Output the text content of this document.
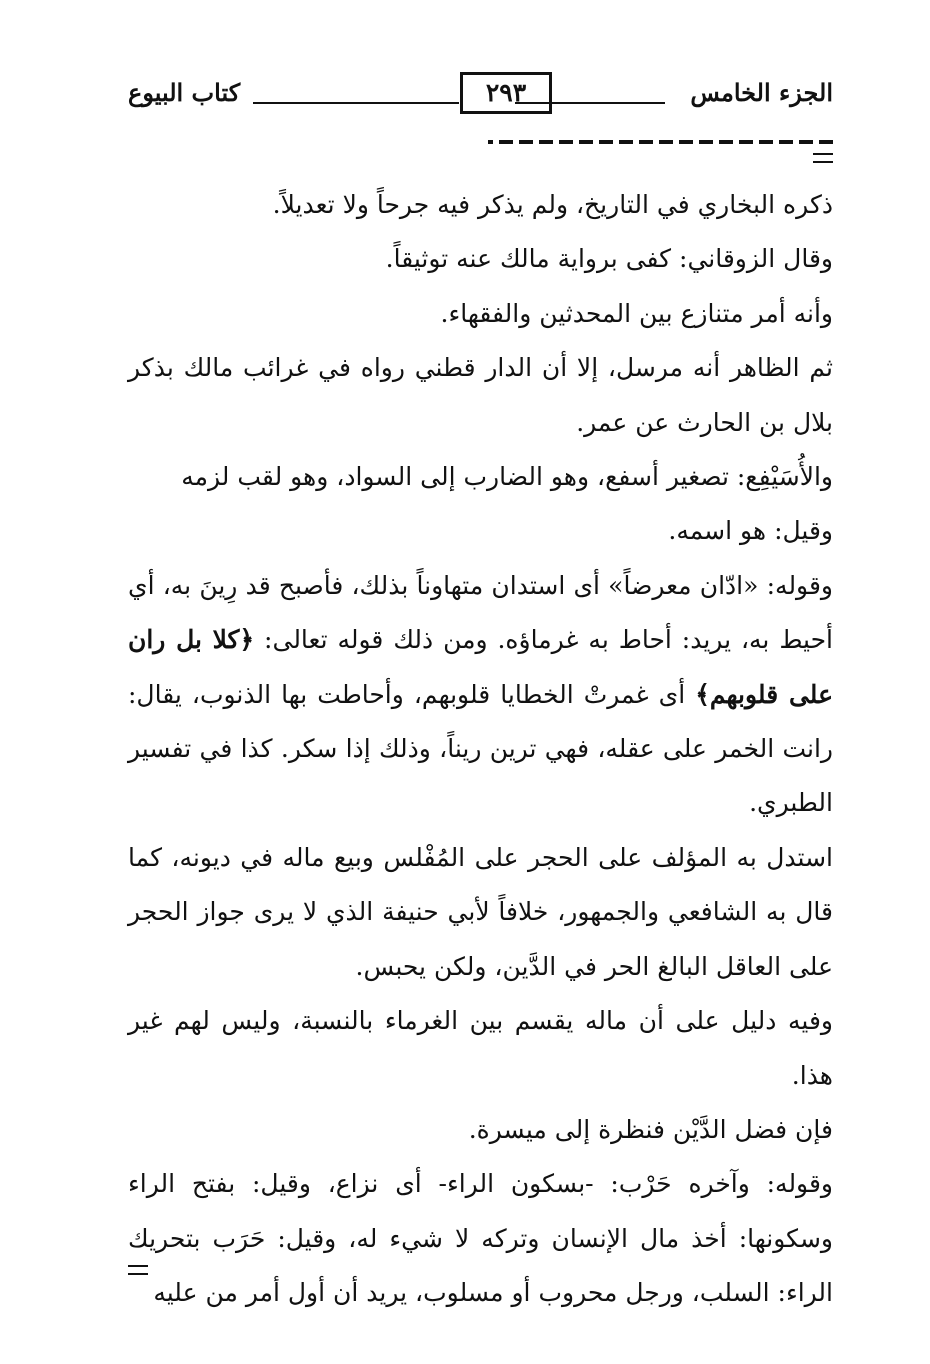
الجزء الخامس
٢٩٣
كتاب البيوع

ذكره البخاري في التاريخ، ولم يذكر فيه جرحاً ولا تعديلاً.

وقال الزوقاني: كفى برواية مالك عنه توثيقاً.

وأنه أمر متنازع بين المحدثين والفقهاء.

ثم الظاهر أنه مرسل، إلا أن الدار قطني رواه في غرائب مالك بذكر بلال بن الحارث عن عمر.

والأُسَيْفِع: تصغير أسفع، وهو الضارب إلى السواد، وهو لقب لزمه

وقيل: هو اسمه.

وقوله: «ادّان معرضاً» أى استدان متهاوناً بذلك، فأصبح قد رِينَ به، أي أحيط به، يريد: أحاط به غرماؤه. ومن ذلك قوله تعالى: ﴿كلا بل ران على قلوبهم﴾ أى غمرتْ الخطايا قلوبهم، وأحاطت بها الذنوب، يقال: رانت الخمر على عقله، فهي ترين ريناً، وذلك إذا سكر. كذا في تفسير الطبري.

استدل به المؤلف على الحجر على المُفْلس وبيع ماله في ديونه، كما قال به الشافعي والجمهور، خلافاً لأبي حنيفة الذي لا يرى جواز الحجر على العاقل البالغ الحر في الدَّين، ولكن يحبس.

وفيه دليل على أن ماله يقسم بين الغرماء بالنسبة، وليس لهم غير هذا.

فإن فضل الدَّيْن فنظرة إلى ميسرة.

وقوله: وآخره حَرْب: -بسكون الراء- أى نزاع، وقيل: بفتح الراء وسكونها: أخذ مال الإنسان وتركه لا شيء له، وقيل: حَرَب بتحريك الراء: السلب، ورجل محروب أو مسلوب، يريد أن أول أمر من عليه
